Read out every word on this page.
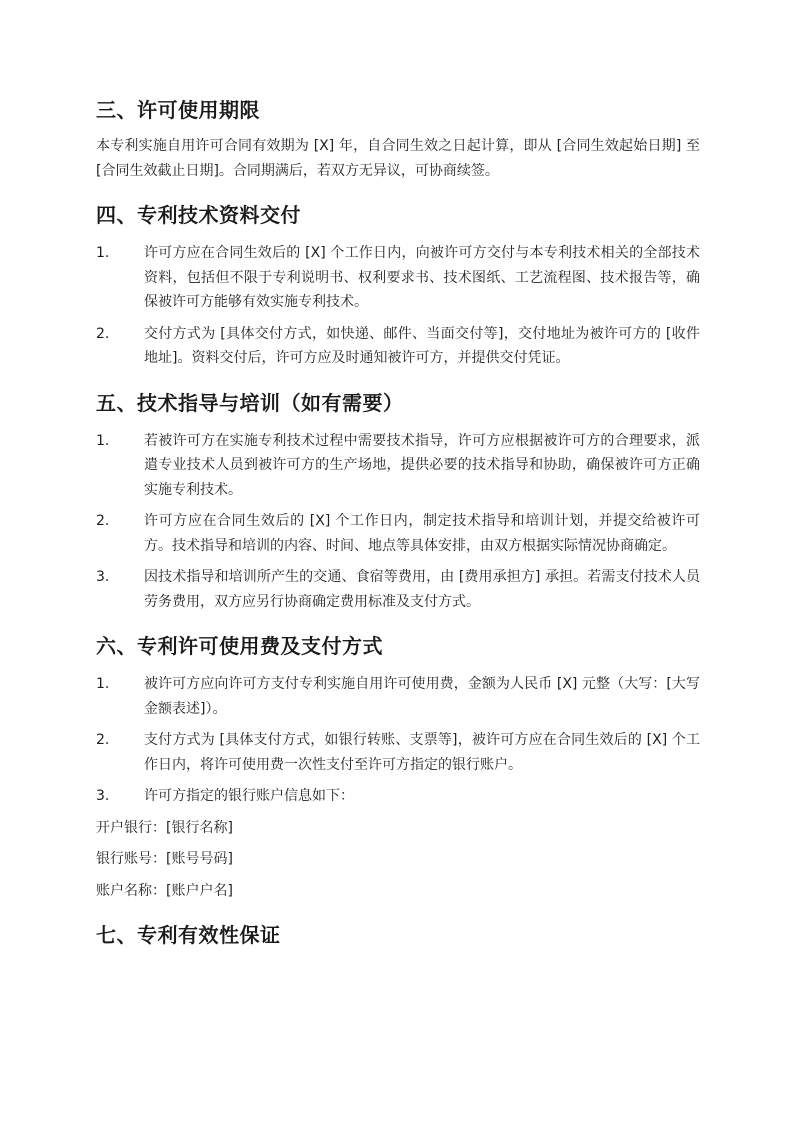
三、许可使用期限

本专利实施自用许可合同有效期为 [X] 年，自合同生效之日起计算，即从 [合同生效起始日期] 至 [合同生效截止日期]。合同期满后，若双方无异议，可协商续签。

四、专利技术资料交付
1.	许可方应在合同生效后的 [X] 个工作日内，向被许可方交付与本专利技术相关的全部技术资料，包括但不限于专利说明书、权利要求书、技术图纸、工艺流程图、技术报告等，确保被许可方能够有效实施专利技术。
2.	交付方式为 [具体交付方式，如快递、邮件、当面交付等]，交付地址为被许可方的 [收件地址]。资料交付后，许可方应及时通知被许可方，并提供交付凭证。
五、技术指导与培训（如有需要）
1.	若被许可方在实施专利技术过程中需要技术指导，许可方应根据被许可方的合理要求，派遣专业技术人员到被许可方的生产场地，提供必要的技术指导和协助，确保被许可方正确实施专利技术。
2.	许可方应在合同生效后的 [X] 个工作日内，制定技术指导和培训计划，并提交给被许可方。技术指导和培训的内容、时间、地点等具体安排，由双方根据实际情况协商确定。
3.	因技术指导和培训所产生的交通、食宿等费用，由 [费用承担方] 承担。若需支付技术人员劳务费用，双方应另行协商确定费用标准及支付方式。
六、专利许可使用费及支付方式
1.	被许可方应向许可方支付专利实施自用许可使用费，金额为人民币 [X] 元整（大写：[大写金额表述]）。
2.	支付方式为 [具体支付方式，如银行转账、支票等]，被许可方应在合同生效后的 [X] 个工作日内，将许可使用费一次性支付至许可方指定的银行账户。
3.	许可方指定的银行账户信息如下：

开户银行：[银行名称]

银行账号：[账号号码]

账户名称：[账户户名]

七、专利有效性保证
